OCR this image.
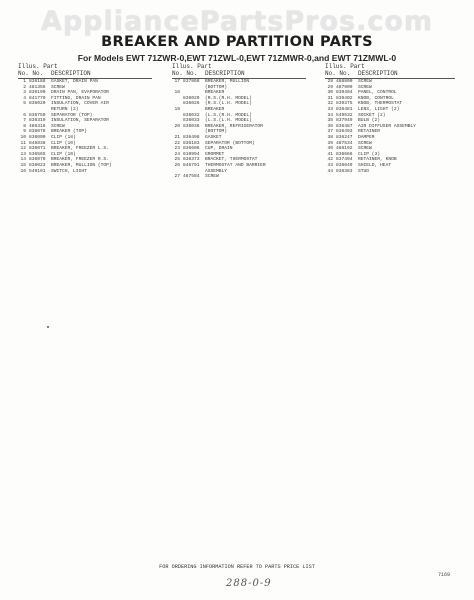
AppliancePartsPros.com
BREAKER AND PARTITION PARTS
For Models EWT 71ZWR-0,EWT 71ZWL-0,EWT 71ZMWR-0,and EWT 71ZMWL-0
Illus. Part
No. No. DESCRIPTION
1 836188 GASKET, DRAIN PAN
2 481356 SCREW
3 836190 DRAIN PAN, EVAPORATOR
4 841770 FITTING, DRAIN PAN
5 836020 INSULATION, COVER AIR
RETURN (2)
6 836750 SEPARATOR (TOP)
7 836310 INSULATION, SEPARATOR
8 486316 SCREW
9 836078 BREAKER (TOP)
10 836090 CLIP (18)
11 846838 CLIP (10)
12 836071 BREAKER, FREEZER L.S.
13 536565 CLIP (10)
14 836070 BREAKER, FREEZER R.S.
15 836023 BREAKER, MULLION (TOP)
16 549191 SWITCH, LIGHT
Illus. Part
No. No. DESCRIPTION
17 837868 BREAKER, MULLION
(BOTTOM)
18	BREAKER
836029 (R.S.(R.H. MODEL)
836026 (R.S.(L.H. MODEL)
19	BREAKER
836032 (L.S.(R.H. MODEL)
836033 (L.S.(L.H. MODEL)
20 836036 BREAKER, REFRIGERATOR
(BOTTOM)
21 836496 GASKET
22 836183 SEPARATOR (BOTTOM)
23 836606 CUP, DRAIN
24 610994 GROMMET
25 836373 BRACKET, THERMOSTAT
26 848791 THERMOSTAT AND BARRIER
ASSEMBLY
27 487584 SCREW
Illus. Part
No. No. DESCRIPTION
28 488800 SCREW
29 487909 SCREW
30 839404 PANEL, CONTROL
31 839402 KNOB, CONTROL
32 839375 KNOB, THERMOSTAT
33 836481 LENS, LIGHT (2)
34 549632 SOCKET (2)
35 837949 BULB (2)
36 836487 AIR DIFFUSER ASSEMBLY
37 836493 RETAINER
38 836247 DAMPER
39 487534 SCREW
40 488192 SCREW
41 836666 CLIP (3)
42 837494 RETAINER, KNOB
43 836649 SHIELD, HEAT
44 836383 STUD
FOR ORDERING INFORMATION REFER TO PARTS PRICE LIST
7169
288-0-9
